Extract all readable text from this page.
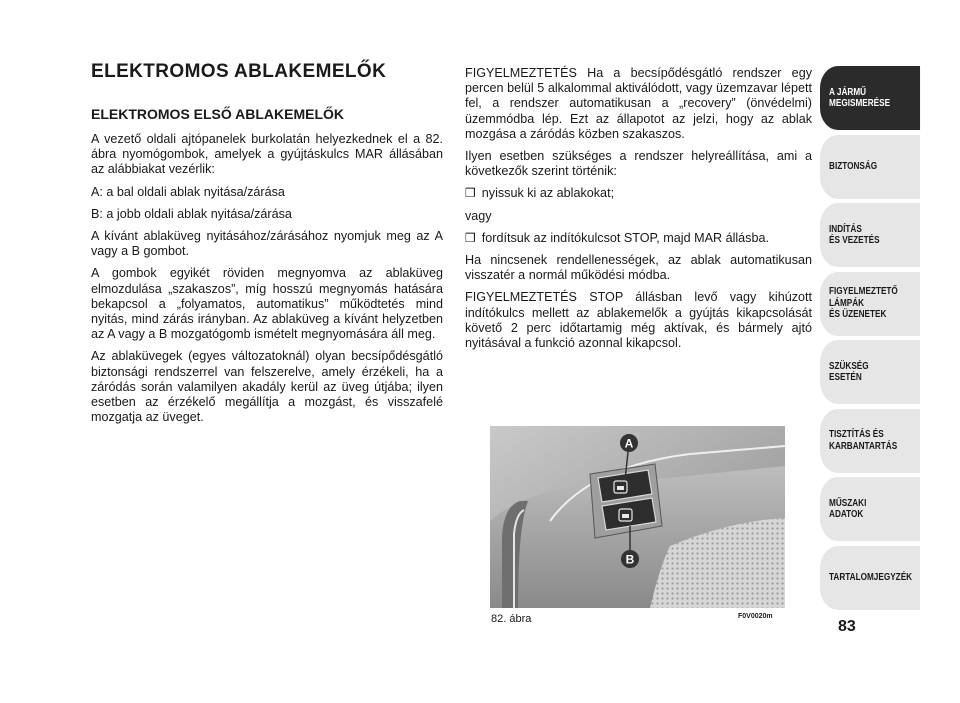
ELEKTROMOS ABLAKEMELŐK
ELEKTROMOS ELSŐ ABLAKEMELŐK

A vezető oldali ajtópanelek burkolatán helyezkednek el a 82. ábra nyomógombok, amelyek a gyújtáskulcs MAR állásában az alábbiakat vezérlik:

A: a bal oldali ablak nyitása/zárása

B: a jobb oldali ablak nyitása/zárása

A kívánt ablaküveg nyitásához/zárásához nyomjuk meg az A vagy a B gombot.

A gombok egyikét röviden megnyomva az ablaküveg elmozdulása „szakaszos”, míg hosszú megnyomás hatására bekapcsol a „folyamatos, automatikus” működtetés mind nyitás, mind zárás irányban. Az ablaküveg a kívánt helyzetben az A vagy a B mozgatógomb ismételt megnyomására áll meg.

Az ablaküvegek (egyes változatoknál) olyan becsípődésgátló biztonsági rendszerrel van felszerelve, amely érzékeli, ha a záródás során valamilyen akadály kerül az üveg útjába; ilyen esetben az érzékelő megállítja a mozgást, és visszafelé mozgatja az üveget.

FIGYELMEZTETÉS Ha a becsípődésgátló rendszer egy percen belül 5 alkalommal aktiválódott, vagy üzemzavar lépett fel, a rendszer automatikusan a „recovery” (önvédelmi) üzemmódba lép. Ezt az állapotot az jelzi, hogy az ablak mozgása a záródás közben szakaszos.

Ilyen esetben szükséges a rendszer helyreállítása, ami a következők szerint történik:

❒ nyissuk ki az ablakokat;

vagy

❒ fordítsuk az indítókulcsot STOP, majd MAR állásba.

Ha nincsenek rendellenességek, az ablak automatikusan visszatér a normál működési módba.

FIGYELMEZTETÉS STOP állásban levő vagy kihúzott indítókulcs mellett az ablakemelők a gyújtás kikapcsolását követő 2 perc időtartamig még aktívak, és bármely ajtó nyitásával a funkció azonnal kikapcsol.

A
B
82. ábra	F0V0020m
A JÁRMŰ
MEGISMERÉSE
BIZTONSÁG
INDÍTÁS
ÉS VEZETÉS
FIGYELMEZTETŐ
LÁMPÁK
ÉS ÜZENETEK
SZÜKSÉG
ESETÉN
TISZTÍTÁS ÉS
KARBANTARTÁS
MŰSZAKI
ADATOK
TARTALOMJEGYZÉK
83
